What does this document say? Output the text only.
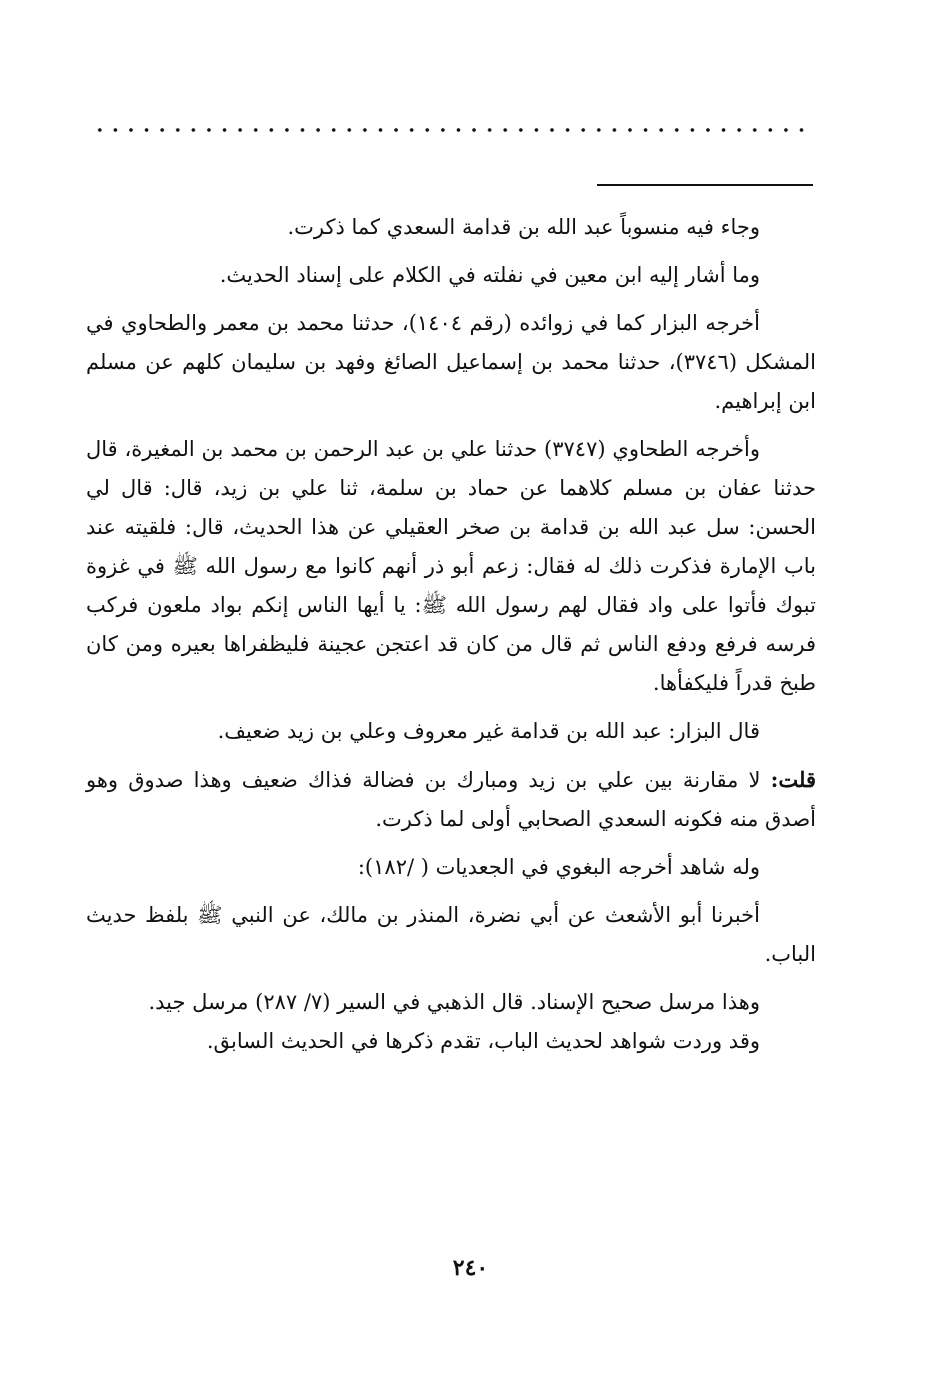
وجاء فيه منسوباً عبد الله بن قدامة السعدي كما ذكرت.

وما أشار إليه ابن معين في نفلته في الكلام على إسناد الحديث.

أخرجه البزار كما في زوائده (رقم ١٤٠٤)، حدثنا محمد بن معمر والطحاوي في المشكل (٣٧٤٦)، حدثنا محمد بن إسماعيل الصائغ وفهد بن سليمان كلهم عن مسلم ابن إبراهيم.

وأخرجه الطحاوي (٣٧٤٧) حدثنا علي بن عبد الرحمن بن محمد بن المغيرة، قال حدثنا عفان بن مسلم كلاهما عن حماد بن سلمة، ثنا علي بن زيد، قال: قال لي الحسن: سل عبد الله بن قدامة بن صخر العقيلي عن هذا الحديث، قال: فلقيته عند باب الإمارة فذكرت ذلك له فقال: زعم أبو ذر أنهم كانوا مع رسول الله ﷺ في غزوة تبوك فأتوا على واد فقال لهم رسول الله ﷺ: يا أيها الناس إنكم بواد ملعون فركب فرسه فرفع ودفع الناس ثم قال من كان قد اعتجن عجينة فليظفراها بعيره ومن كان طبخ قدراً فليكفأها.

قال البزار: عبد الله بن قدامة غير معروف وعلي بن زيد ضعيف.

قلت: لا مقارنة بين علي بن زيد ومبارك بن فضالة فذاك ضعيف وهذا صدوق وهو أصدق منه فكونه السعدي الصحابي أولى لما ذكرت.

وله شاهد أخرجه البغوي في الجعديات ( /١٨٢):

أخبرنا أبو الأشعث عن أبي نضرة، المنذر بن مالك، عن النبي ﷺ بلفظ حديث الباب.

وهذا مرسل صحيح الإسناد. قال الذهبي في السير (٧/ ٢٨٧) مرسل جيد.

وقد وردت شواهد لحديث الباب، تقدم ذكرها في الحديث السابق.

٢٤٠
